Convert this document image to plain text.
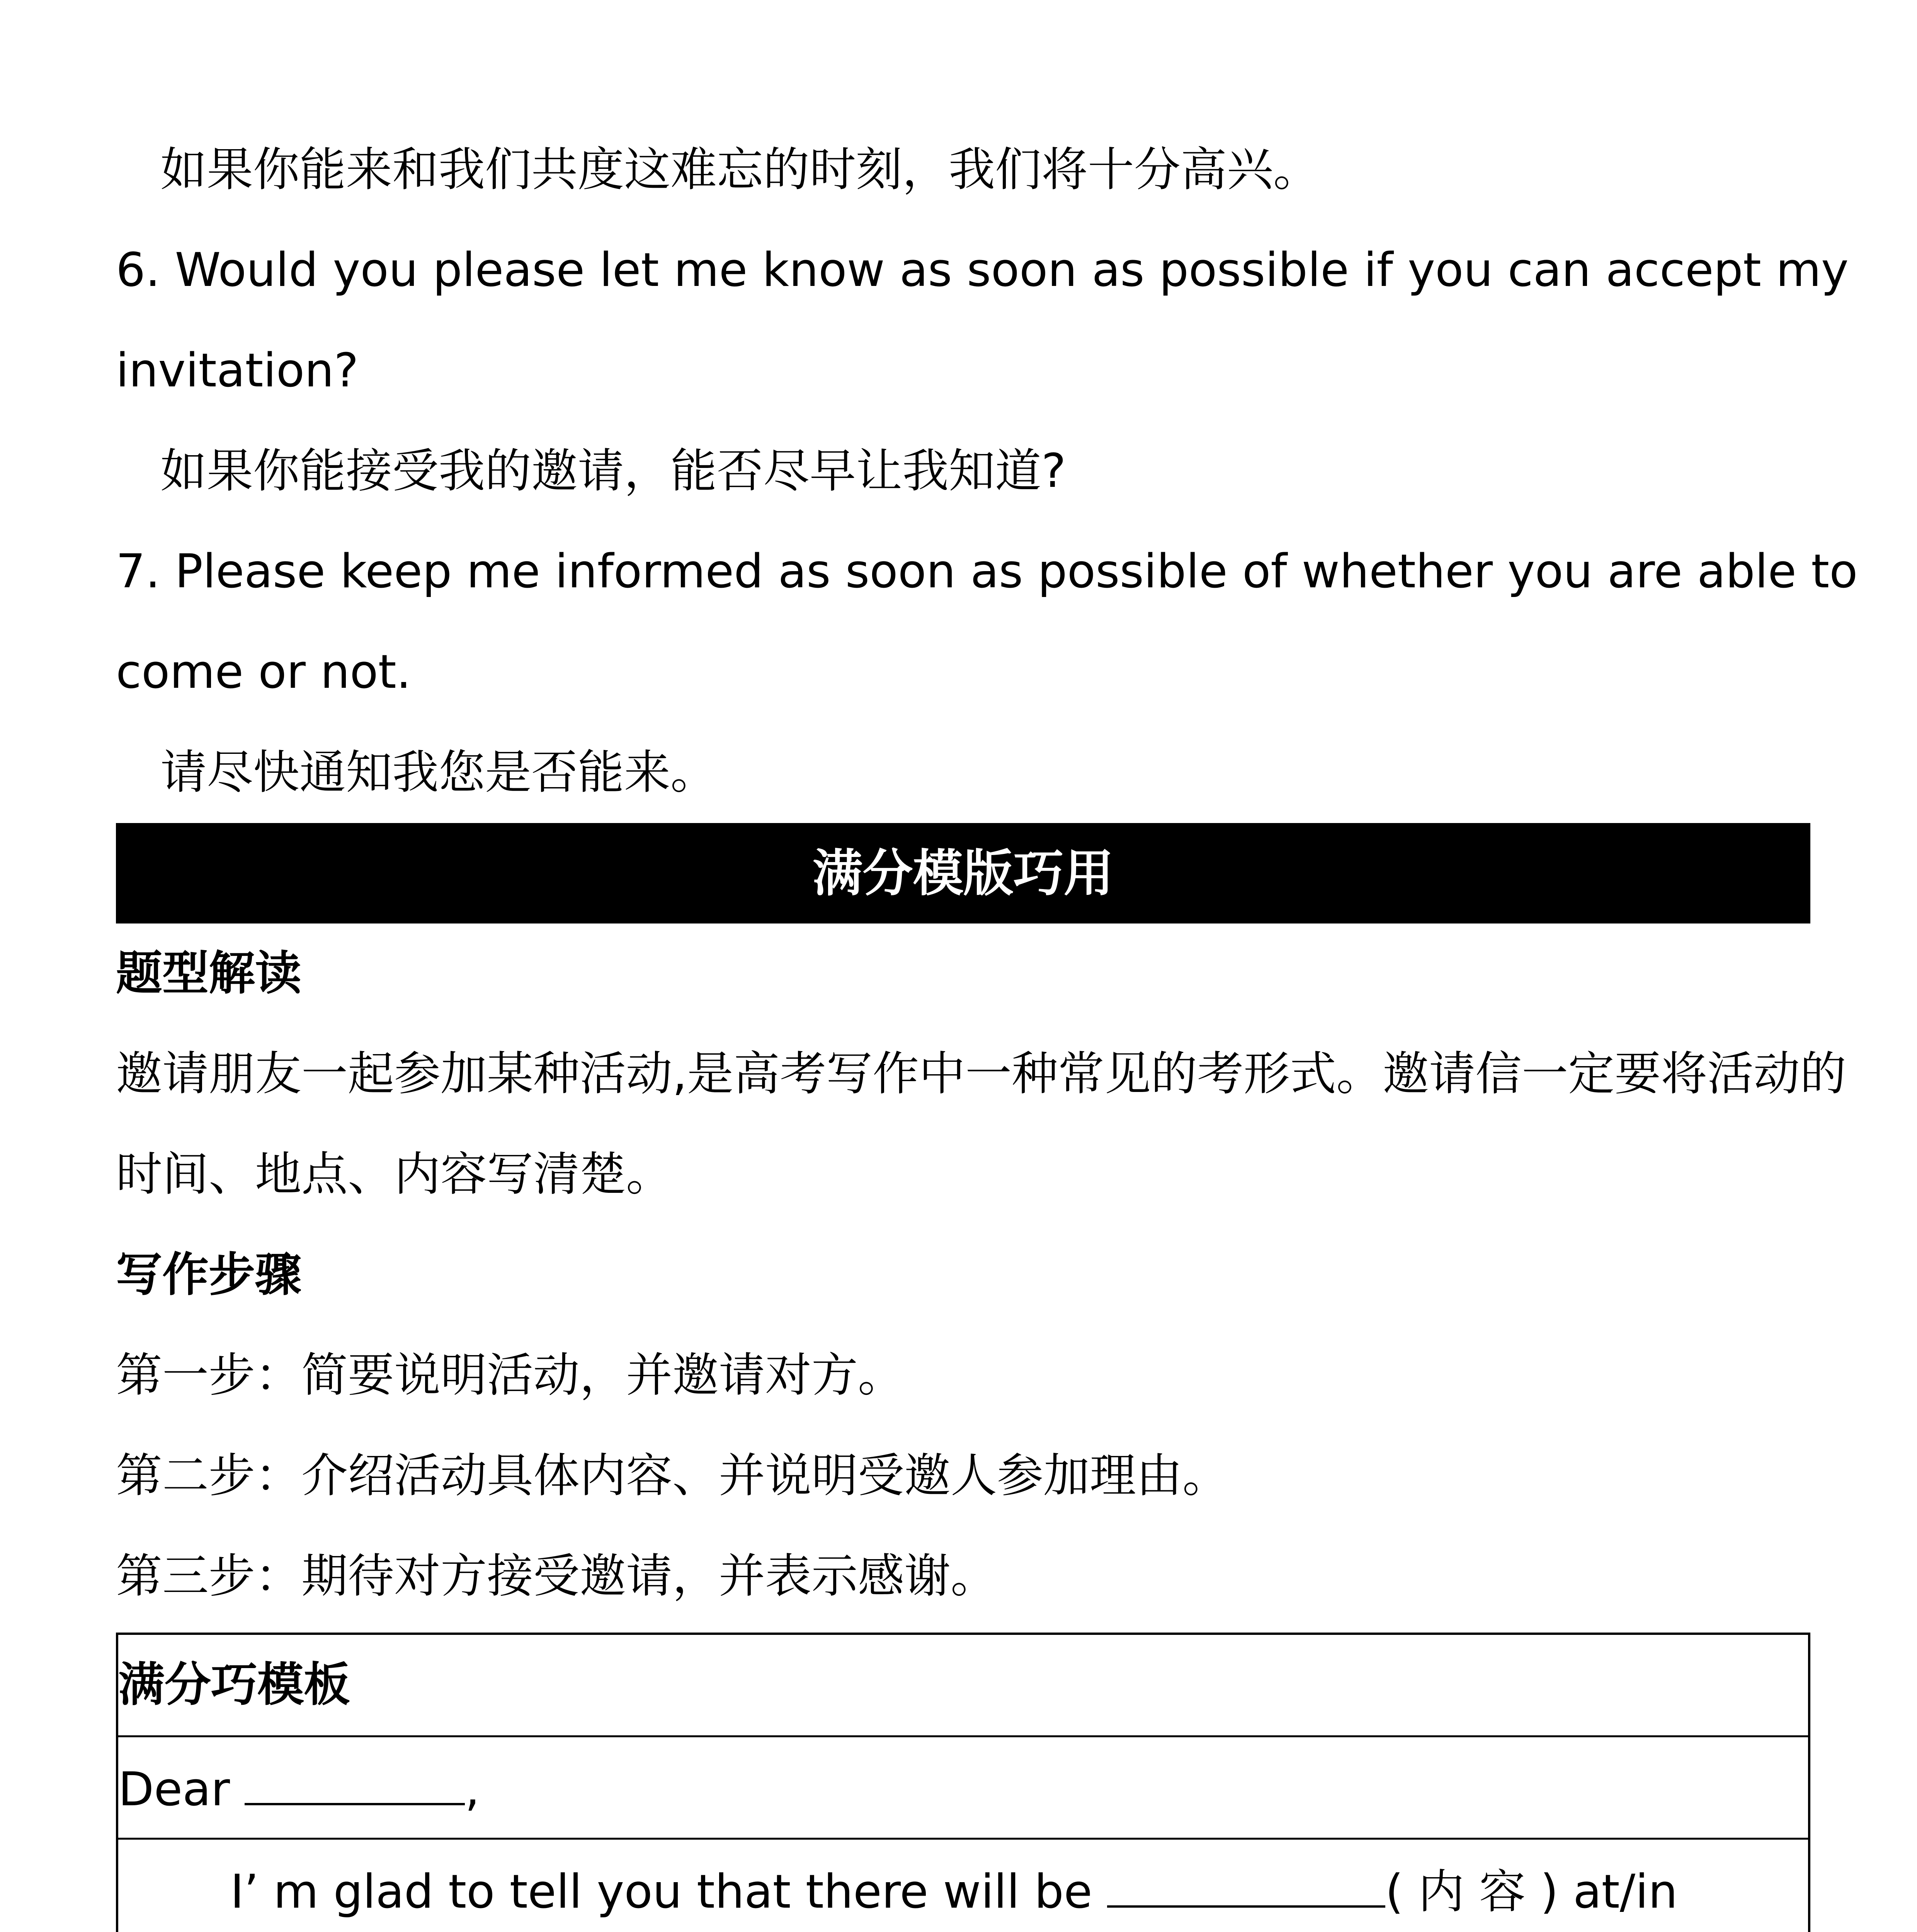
如果你能来和我们共度这难忘的时刻，我们将十分高兴。
6. Would you please let me know as soon as possible if you can accept my
invitation?
如果你能接受我的邀请，能否尽早让我知道?
7. Please keep me informed as soon as possible of whether you are able to
come or not.
请尽快通知我您是否能来。
满分模版巧用
题型解读
邀请朋友一起参加某种活动,是高考写作中一种常见的考形式。邀请信一定要将活动的
时间、地点、内容写清楚。
写作步骤
第一步：简要说明活动，并邀请对方。
第二步：介绍活动具体内容、并说明受邀人参加理由。
第三步：期待对方接受邀请，并表示感谢。
满分巧模板
Dear	,
I’ m glad to tell you that there will be	( 内 容 ) at/in
